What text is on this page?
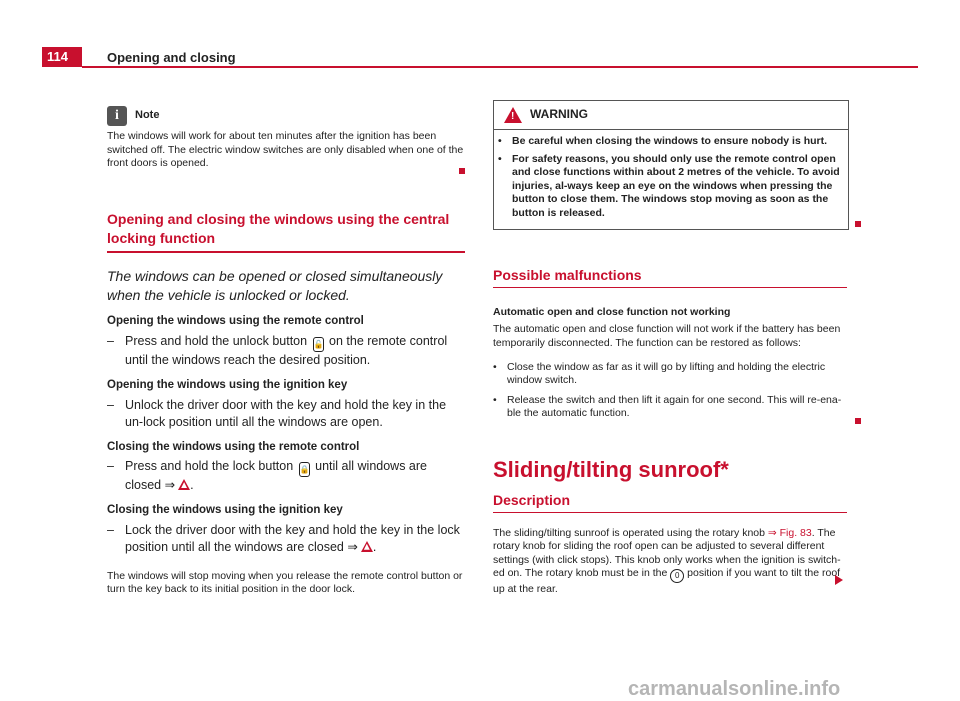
114	Opening and closing
i	Note
The windows will work for about ten minutes after the ignition has been switched off. The electric window switches are only disabled when one of the front doors is opened.
Opening and closing the windows using the central locking function
The windows can be opened or closed simultaneously when the vehicle is unlocked or locked.
Opening the windows using the remote control
– Press and hold the unlock button 🔓 on the remote control until the windows reach the desired position.
Opening the windows using the ignition key
– Unlock the driver door with the key and hold the key in the un-lock position until all the windows are open.
Closing the windows using the remote control
– Press and hold the lock button 🔒 until all windows are closed ⇒ .
Closing the windows using the ignition key
– Lock the driver door with the key and hold the key in the lock position until all the windows are closed ⇒ .
The windows will stop moving when you release the remote control button or turn the key back to its initial position in the door lock.
! WARNING
• Be careful when closing the windows to ensure nobody is hurt.
• For safety reasons, you should only use the remote control open and close functions within about 2 metres of the vehicle. To avoid injuries, al-ways keep an eye on the windows when pressing the button to close them. The windows stop moving as soon as the button is released.
Possible malfunctions
Automatic open and close function not working

The automatic open and close function will not work if the battery has been temporarily disconnected. The function can be restored as follows:

• Close the window as far as it will go by lifting and holding the electric window switch.
• Release the switch and then lift it again for one second. This will re-ena-ble the automatic function.
Sliding/tilting sunroof*
Description

The sliding/tilting sunroof is operated using the rotary knob ⇒ Fig. 83. The rotary knob for sliding the roof open can be adjusted to several different settings (with click stops). This knob only works when the ignition is switch-ed on. The rotary knob must be in the 0 position if you want to tilt the roof up at the rear.

carmanualsonline.info
